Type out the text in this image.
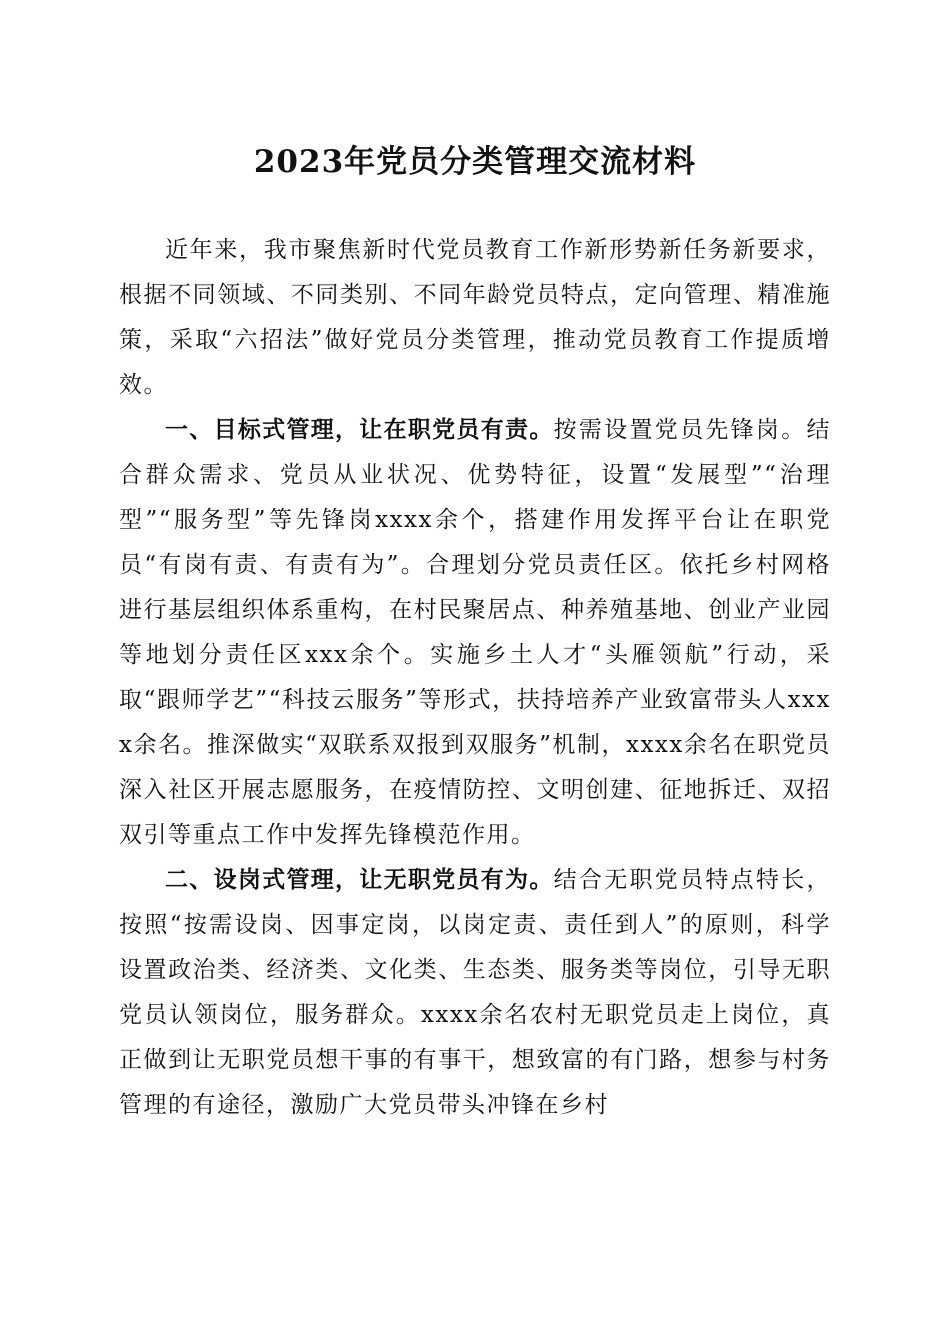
2023年党员分类管理交流材料

近年来，我市聚焦新时代党员教育工作新形势新任务新要求，根据不同领域、不同类别、不同年龄党员特点，定向管理、精准施策，采取“六招法”做好党员分类管理，推动党员教育工作提质增效。

一、目标式管理，让在职党员有责。按需设置党员先锋岗。结合群众需求、党员从业状况、优势特征，设置“发展型”“治理型”“服务型”等先锋岗xxxx余个，搭建作用发挥平台让在职党员“有岗有责、有责有为”。合理划分党员责任区。依托乡村网格进行基层组织体系重构，在村民聚居点、种养殖基地、创业产业园等地划分责任区xxx余个。实施乡土人才“头雁领航”行动，采取“跟师学艺”“科技云服务”等形式，扶持培养产业致富带头人xxxx余名。推深做实“双联系双报到双服务”机制，xxxx余名在职党员深入社区开展志愿服务，在疫情防控、文明创建、征地拆迁、双招双引等重点工作中发挥先锋模范作用。

二、设岗式管理，让无职党员有为。结合无职党员特点特长，按照“按需设岗、因事定岗，以岗定责、责任到人”的原则，科学设置政治类、经济类、文化类、生态类、服务类等岗位，引导无职党员认领岗位，服务群众。xxxx余名农村无职党员走上岗位，真正做到让无职党员想干事的有事干，想致富的有门路，想参与村务管理的有途径，激励广大党员带头冲锋在乡村
